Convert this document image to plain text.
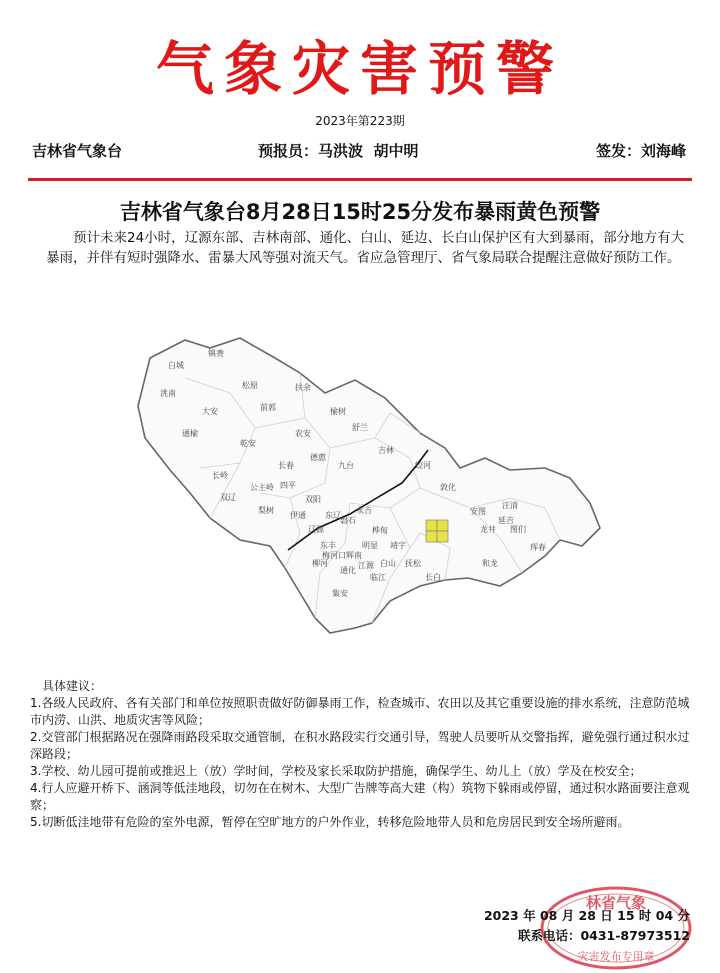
气象灾害预警
2023年第223期
吉林省气象台	预报员：马洪波  胡中明	签发：刘海峰
吉林省气象台8月28日15时25分发布暴雨黄色预警
预计未来24小时，辽源东部、吉林南部、通化、白山、延边、长白山保护区有大到暴雨，部分地方有大暴雨，并伴有短时强降水、雷暴大风等强对流天气。省应急管理厅、省气象局联合提醒注意做好预防工作。
白城
洮南
镇赉
大安
通榆
乾安
前郭
松原
长岭
扶余
农安
德惠
九台
榆树
舒兰
吉林
蛟河
敦化
安图
汪清
珲春
图们
龙井
和龙
延吉
长春
公主岭
双辽
梨树
四平
伊通
东丰
辽源
东辽
磐石
桦甸
靖宇
抚松
长白
临江
白山
江源
集安
通化
柳河
梅河口 辉南
永吉
双阳
明显
具体建议：

1.各级人民政府、各有关部门和单位按照职责做好防御暴雨工作，检查城市、农田以及其它重要设施的排水系统，注意防范城市内涝、山洪、地质灾害等风险；

2.交管部门根据路况在强降雨路段采取交通管制，在积水路段实行交通引导，驾驶人员要听从交警指挥，避免强行通过积水过深路段；

3.学校、幼儿园可提前或推迟上（放）学时间，学校及家长采取防护措施，确保学生、幼儿上（放）学及在校安全；

4.行人应避开桥下、涵洞等低洼地段，切勿在在树木、大型广告牌等高大建（构）筑物下躲雨或停留，通过积水路面要注意观察；

5.切断低洼地带有危险的室外电源，暂停在空旷地方的户外作业，转移危险地带人员和危房居民到安全场所避雨。

林省气象
灾害发布专用章
2023 年 08 月 28 日 15 时 04 分
联系电话：0431-87973512
